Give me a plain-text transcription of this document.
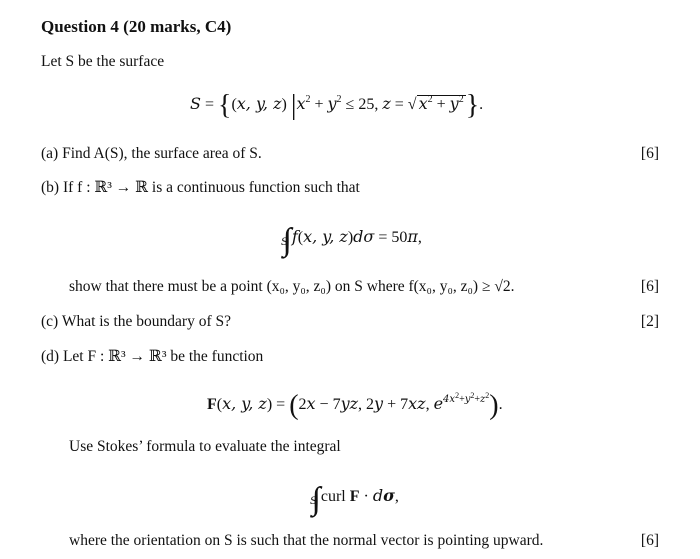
Question 4 (20 marks, C4)
Let S be the surface
S = {(x, y, z) $|x^2 + y^2 \le 25$, z = √ $x^2 + y^2$}.
(a) Find A(S), the surface area of S.	[6]
(b) If f : ℝ³ → ℝ is a continuous function such that
$_S$ f(x, y, z)dσ = 50π,
show that there must be a point (x₀, y₀, z₀) on S where f(x₀, y₀, z₀) ≥ √2.	[6]
(c) What is the boundary of S?	[2]
(d) Let F : ℝ³ → ℝ³ be the function
F(x, y, z) = (2x − 7yz, 2y + 7xz, $e^{4x^2+y^2+z^2}$).
Use Stokes’ formula to evaluate the integral
$_S$ curl F · dσ,
where the orientation on S is such that the normal vector is pointing upward.	[6]
